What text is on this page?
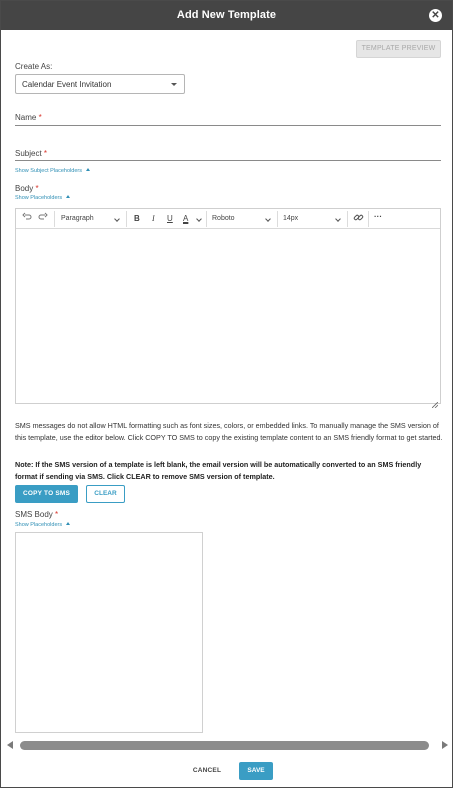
Add New Template	✕
TEMPLATE PREVIEW
Create As:
Calendar Event Invitation
Name *
Subject *
Show Subject Placeholders
Body *
Show Placeholders
Paragraph	B I U A	Roboto	14px	···
SMS messages do not allow HTML formatting such as font sizes, colors, or embedded links. To manually manage the SMS version of this template, use the editor below. Click COPY TO SMS to copy the existing template content to an SMS friendly format to get started.
Note: If the SMS version of a template is left blank, the email version will be automatically converted to an SMS friendly format if sending via SMS. Click CLEAR to remove SMS version of template.
COPY TO SMS	CLEAR
SMS Body *
Show Placeholders
CANCEL	SAVE
